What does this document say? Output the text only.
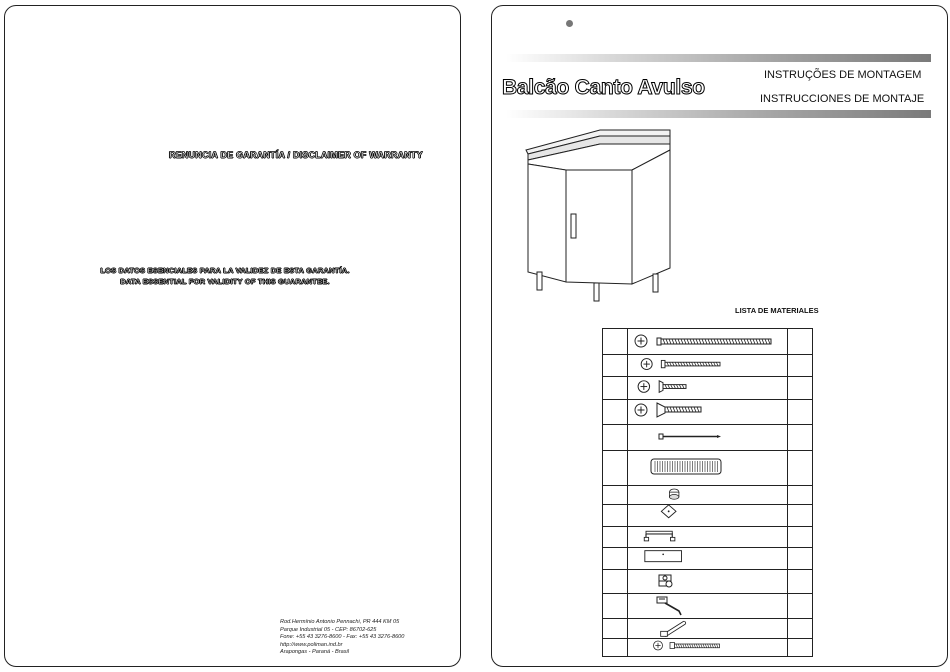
RENUNCIA DE GARANTÍA / DISCLAIMER OF WARRANTY
LOS DATOS ESENCIALES PARA LA VALIDEZ DE ESTA GARANTÍA.
DATA ESSENTIAL FOR VALIDITY OF THIS GUARANTEE.
Rod.Hermínio Antonio Pennachi, PR 444 KM 05
Parque Industrial 05 - CEP: 86702-625
Fone: +55 43 3276-8600 - Fax: +55 43 3276-8600
http://www.poliman.ind.br
Arapongas - Paraná - Brasil
Balcão Canto Avulso
INSTRUÇÕES DE MONTAGEM
INSTRUCCIONES DE MONTAJE
LISTA DE MATERIALES
